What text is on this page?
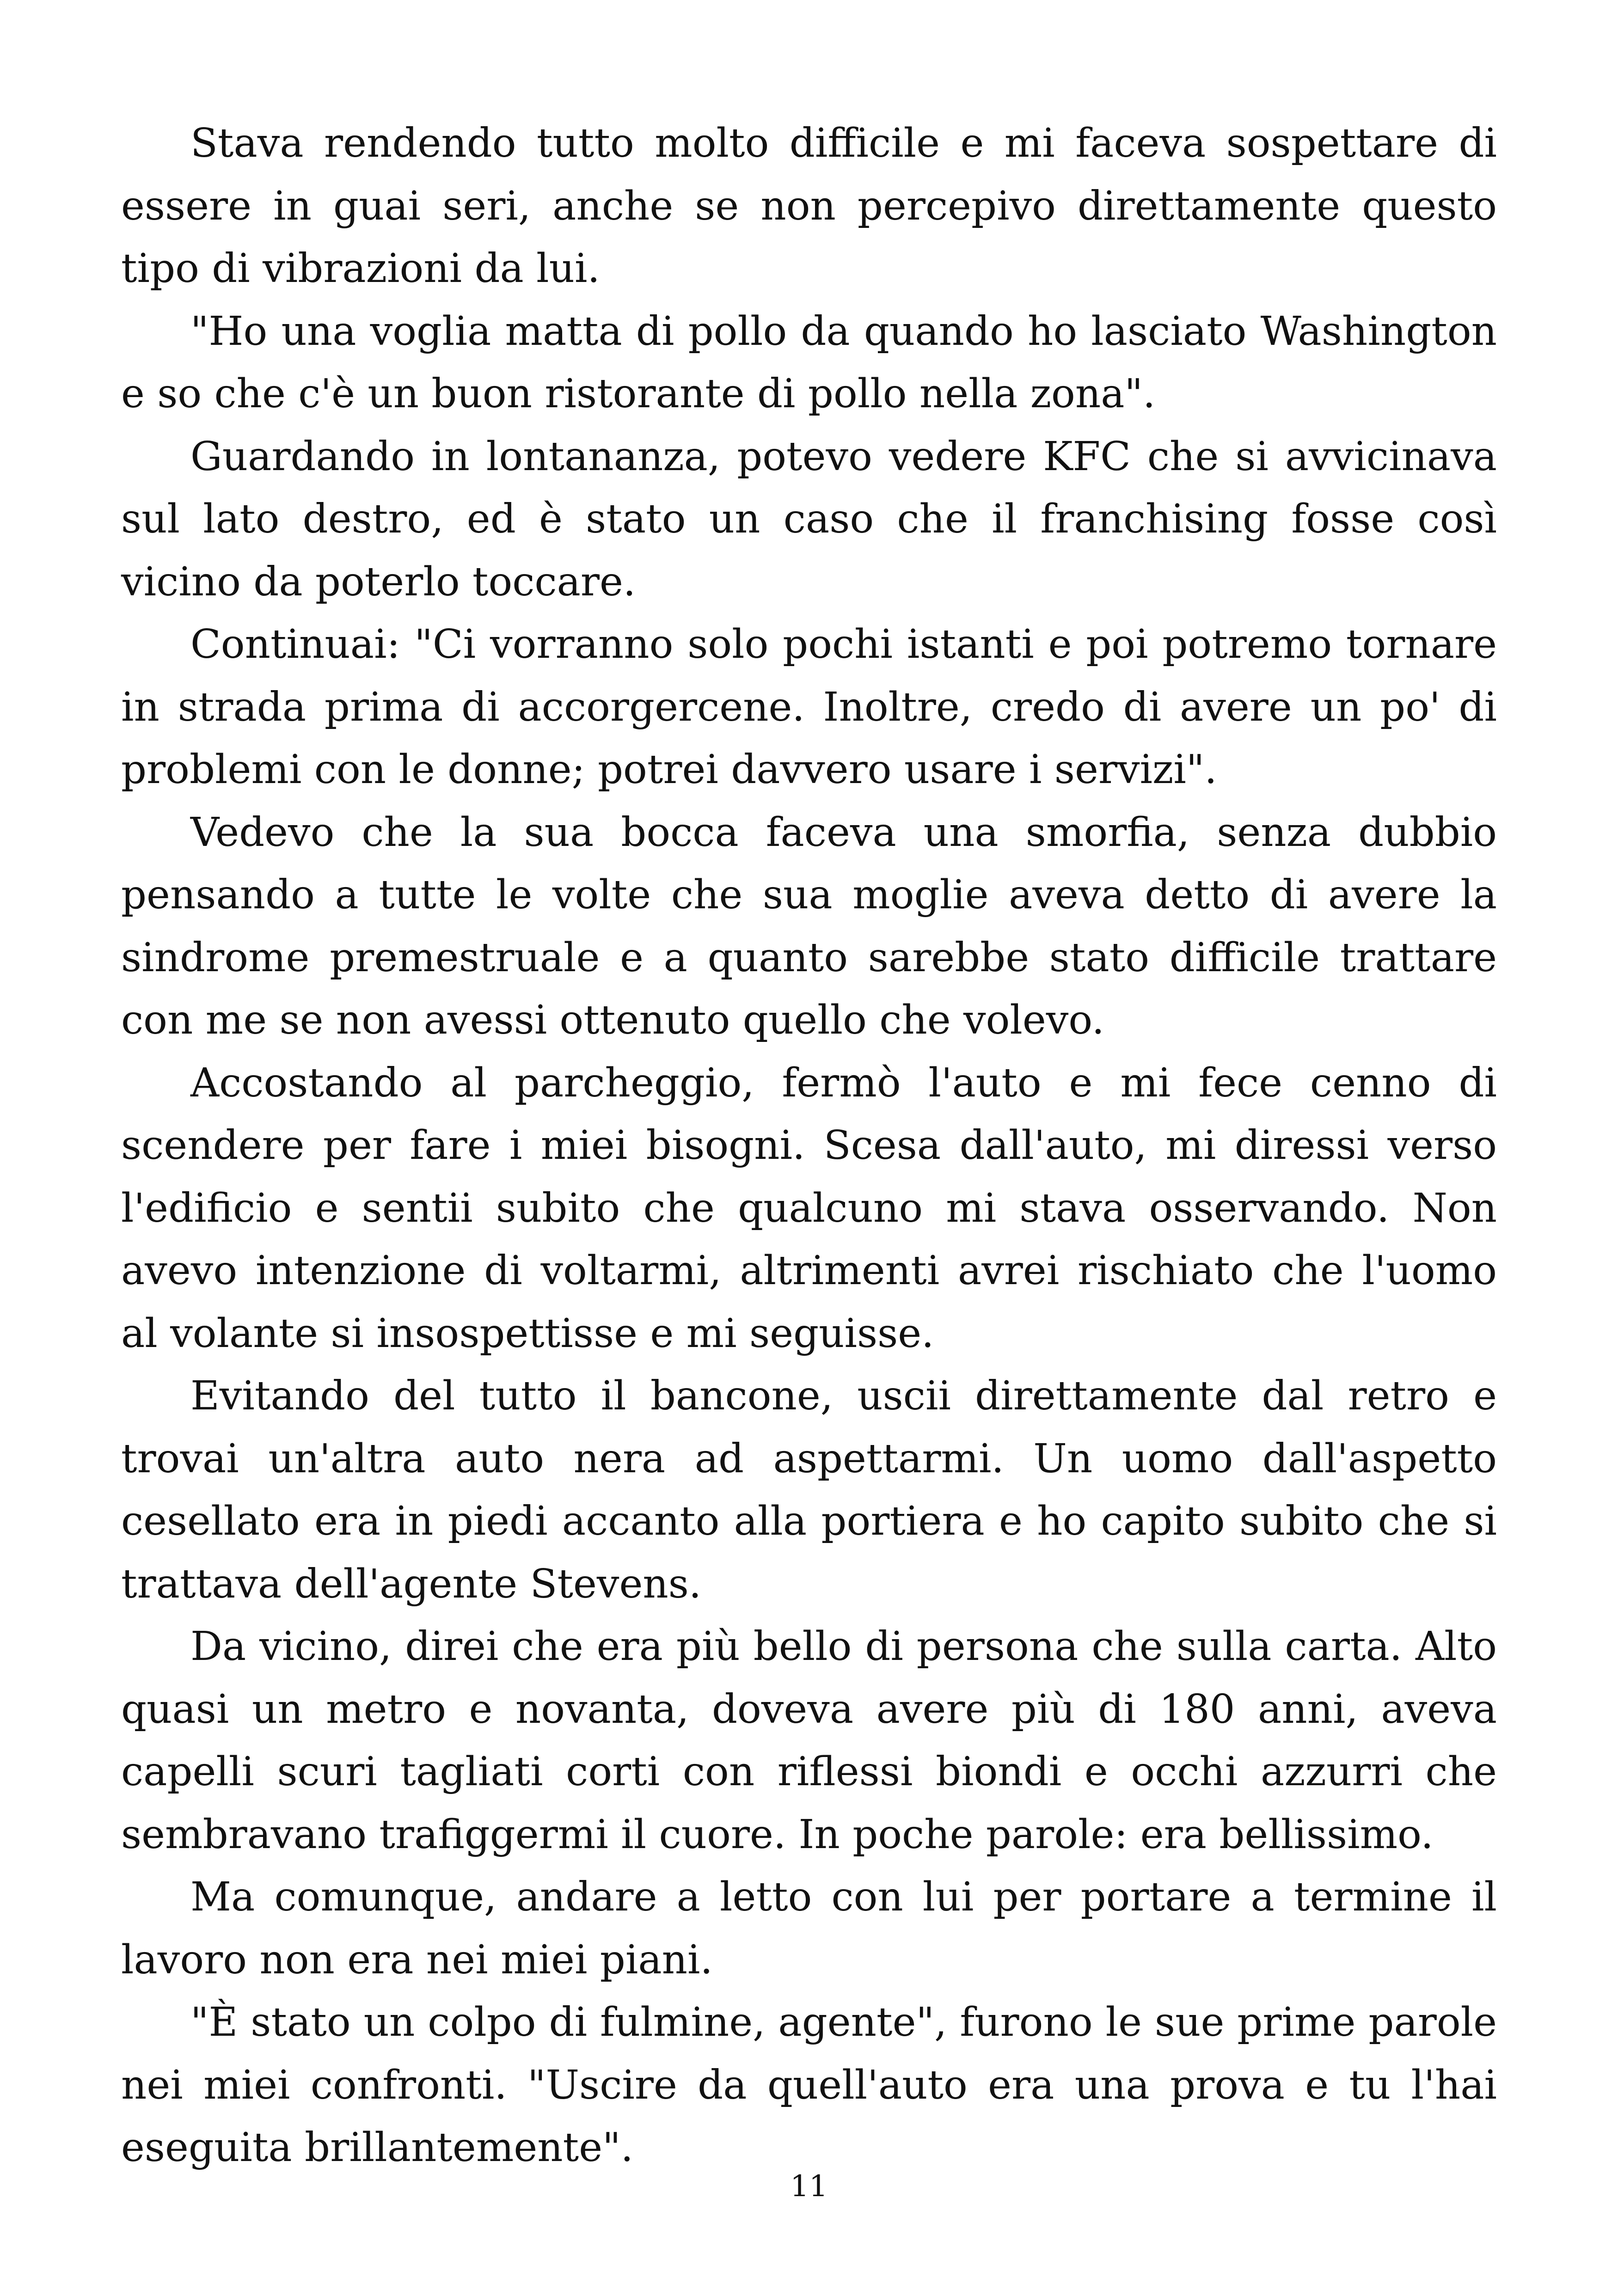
Stava rendendo tutto molto difficile e mi faceva sospettare di essere in guai seri, anche se non percepivo direttamente questo tipo di vibrazioni da lui.

"Ho una voglia matta di pollo da quando ho lasciato Washington e so che c'è un buon ristorante di pollo nella zona".

Guardando in lontananza, potevo vedere KFC che si avvicinava sul lato destro, ed è stato un caso che il franchising fosse così vicino da poterlo toccare.

Continuai: "Ci vorranno solo pochi istanti e poi potremo tornare in strada prima di accorgercene. Inoltre, credo di avere un po' di problemi con le donne; potrei davvero usare i servizi".

Vedevo che la sua bocca faceva una smorfia, senza dubbio pensando a tutte le volte che sua moglie aveva detto di avere la sindrome premestruale e a quanto sarebbe stato difficile trattare con me se non avessi ottenuto quello che volevo.

Accostando al parcheggio, fermò l'auto e mi fece cenno di scendere per fare i miei bisogni. Scesa dall'auto, mi diressi verso l'edificio e sentii subito che qualcuno mi stava osservando. Non avevo intenzione di voltarmi, altrimenti avrei rischiato che l'uomo al volante si insospettisse e mi seguisse.

Evitando del tutto il bancone, uscii direttamente dal retro e trovai un'altra auto nera ad aspettarmi. Un uomo dall'aspetto cesellato era in piedi accanto alla portiera e ho capito subito che si trattava dell'agente Stevens.

Da vicino, direi che era più bello di persona che sulla carta. Alto quasi un metro e novanta, doveva avere più di 180 anni, aveva capelli scuri tagliati corti con riflessi biondi e occhi azzurri che sembravano trafiggermi il cuore. In poche parole: era bellissimo.

Ma comunque, andare a letto con lui per portare a termine il lavoro non era nei miei piani.

"È stato un colpo di fulmine, agente", furono le sue prime parole nei miei confronti. "Uscire da quell'auto era una prova e tu l'hai eseguita brillantemente".

11
